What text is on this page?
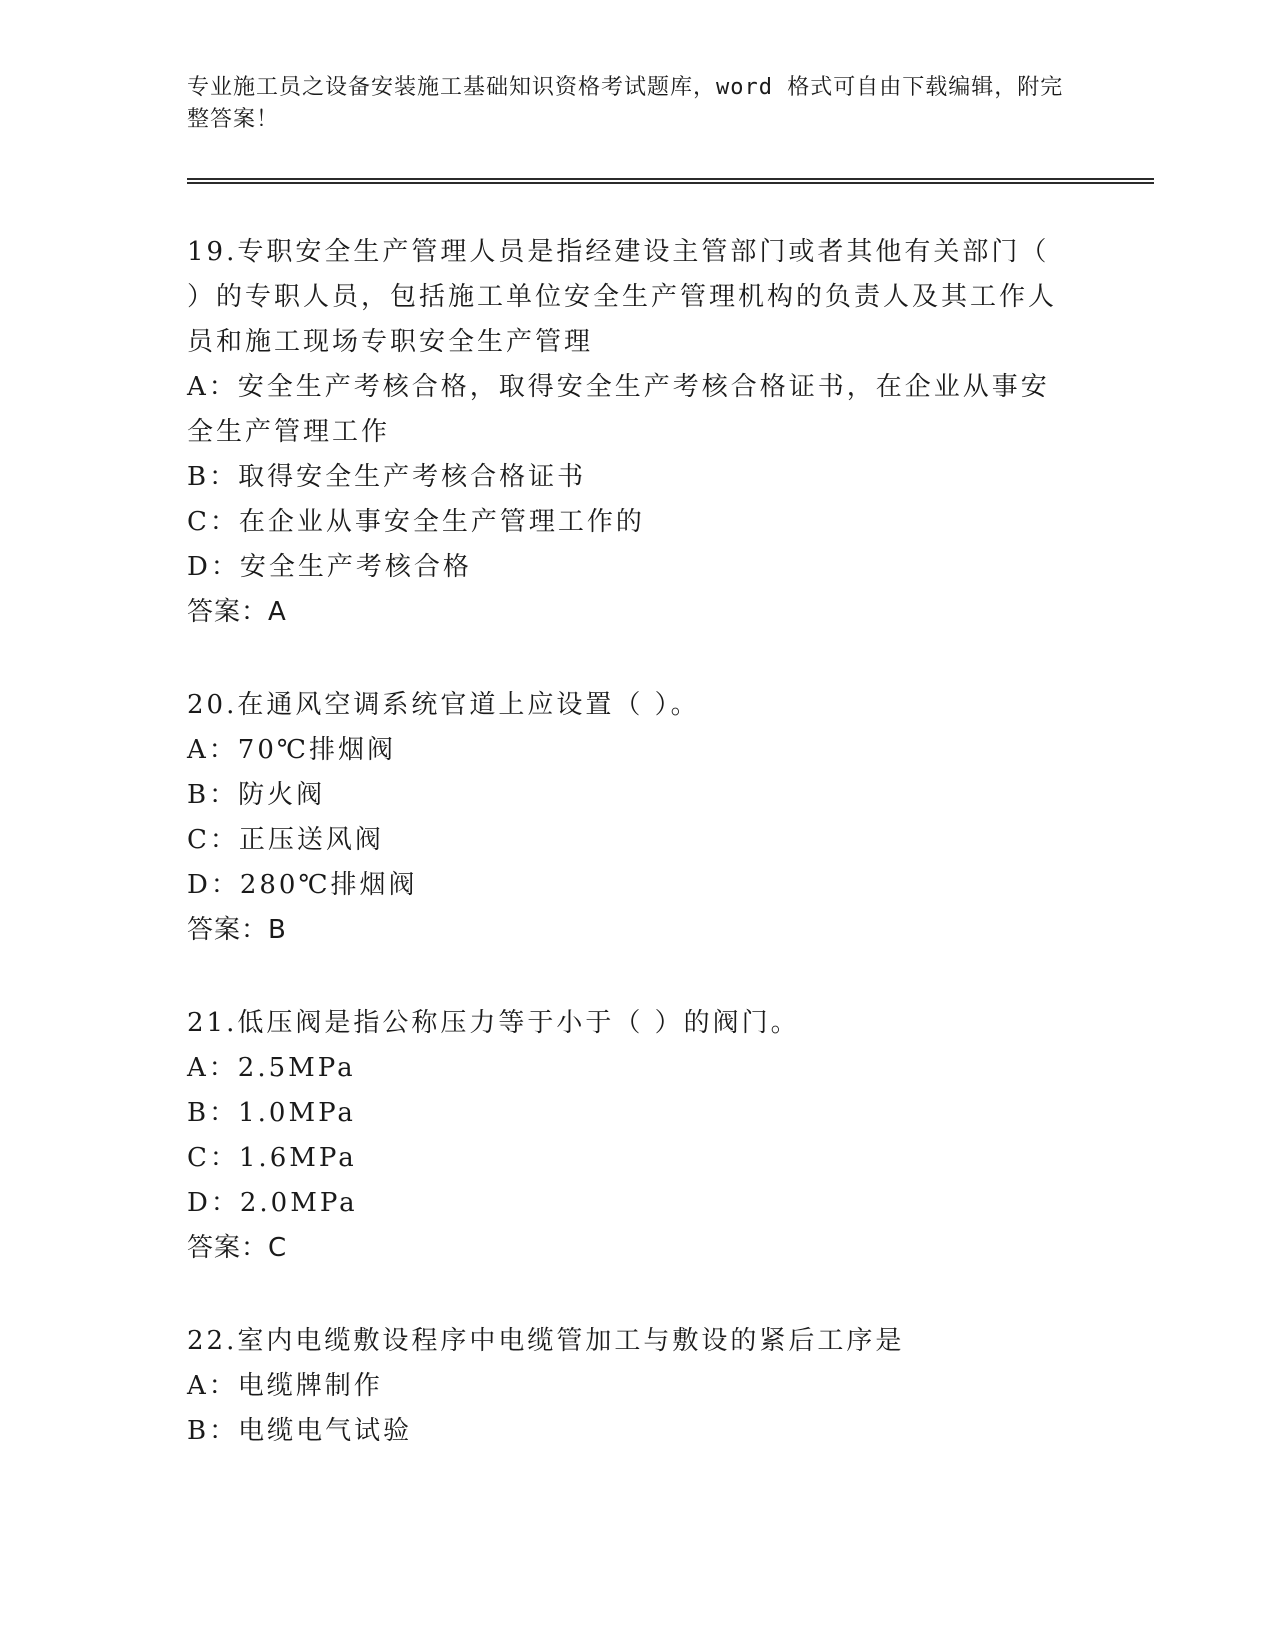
专业施工员之设备安装施工基础知识资格考试题库，word 格式可自由下载编辑，附完整答案！

19.专职安全生产管理人员是指经建设主管部门或者其他有关部门（ ）的专职人员，包括施工单位安全生产管理机构的负责人及其工作人员和施工现场专职安全生产管理

A：安全生产考核合格，取得安全生产考核合格证书，在企业从事安全生产管理工作

B：取得安全生产考核合格证书

C：在企业从事安全生产管理工作的

D：安全生产考核合格

答案：A

20.在通风空调系统官道上应设置（ ）。

A：70℃排烟阀

B：防火阀

C：正压送风阀

D：280℃排烟阀

答案：B

21.低压阀是指公称压力等于小于（ ）的阀门。

A：2.5MPa

B：1.0MPa

C：1.6MPa

D：2.0MPa

答案：C

22.室内电缆敷设程序中电缆管加工与敷设的紧后工序是

A：电缆牌制作

B：电缆电气试验
